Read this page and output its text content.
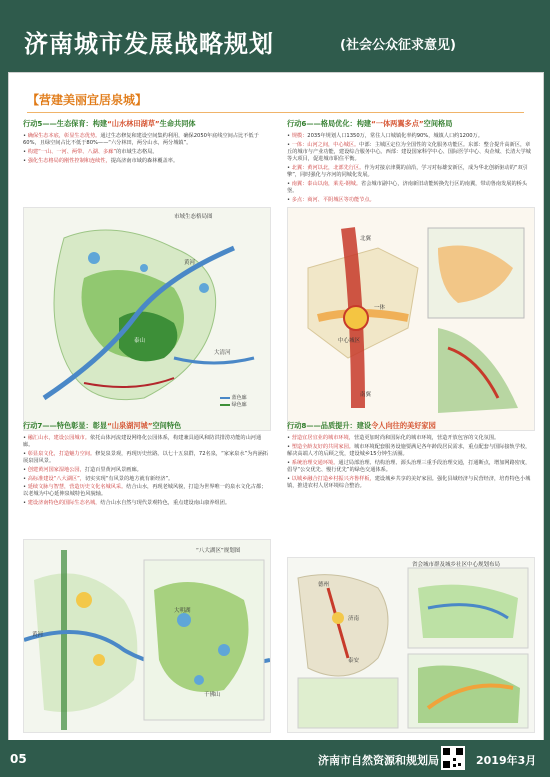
济南城市发展战略规划	(社会公众征求意见)
【营建美丽宜居泉城】
行动5——生态保育：构建“山水林田湖草”生命共同体
• 确保生态本底，彰显生态优势。通过生态修复和建设空间集约利用，确保2050年底线空间占比不低于60%，且绿空间占比不低于80%——“六分林田，两分山水，两分城镇”。
• 构建“一山、一河、两带、八湖、多廊”的市域生态格局。
• 强化生态格局的刚性控制和连续性，提高济南市域的森林覆盖率。
市域生态格局图
泰山
黄河
大清河
蓝色廊
绿色廊
行动6——格局优化：构建“一体两翼多点”空间格局
• 规模：2035年规划人口1350万，常住人口城镇化率约90%，城镇人口约1200万。
• 一体：山河之间，中心城区。中部：主城区定位为全国性的文化服务功能区。东部：整合提升高新区，章丘的城市与产业功能，建设综合服务中心。西部：建设国家科学中心、国际医学中心、央企城、长清大学城等大项目，促进城市职住平衡。
• 北翼：黄河以北，北部先行区。作为对接京津冀的前沿，学习对标雄安新区，成为华北创新驱动的“双引擎”，同时强化与齐河的同城化发展。
• 南翼：泰山以南，莱芜-钢城。省会城市副中心，济南新旧动能转换先行区的南翼，带动鲁南发展的桥头堡。
• 多点：商河、平阴城区等功能节点。
北翼
南翼
一体
中心城区
行动7——特色彰显：彰显“山泉湖河城”空间特色
• 融汇山水，建设公园城市。依托山体河流建设网络化公园体系，构建兼具通风和防洪排涝功能的山河通廊。
• 彰显泉文化，打造魅力空间。修复泉景观，再现历史丝路。以七十五泉群，72名泉，“家家泉水”为内涵拓展泉园风景。
• 创建黄河国家湿地公园，打造百里黄河风景画廊。
• 高标准建设“八大湖区”，切实实现“有风景的地方就有新经济”。
• 延续文脉与智慧，营造历史文化名城风采。结合山水，再现老城风貌，打造为世界唯一的泉水文化古都；以老城为中心延伸泉城特色风貌轴。
• 建设济南特色的国际生态名城，结合山水自然与现代景观特色，重点建设南山康养组团。
“八大湖区”规划图
黄河
大明湖
千佛山
行动8——品质提升：建设令人向往的美好家园
• 营造宜居宜业的城市环境，营造更加时尚和国际化的城市环境，营造开放包容的文化氛围。
• 塑造全龄友好的共同家园。城市环境配套服务设施要满足各年龄段居民需求，重点配套与国际接轨学校，解决高端人才的后顾之忧，建设城乡15分钟生活圈。
• 系统治理交通环境。通过局部治理、结构治理、源头治理三重手段治理交通，打通断点，增加网路密度，倡导“公交优先、慢行优先”的绿色交通体系。
• 以城乡融合打造乡村振兴齐鲁样板，建设城乡共享的美好家园。强化县域经济与民营经济，培育特色小城镇，推进农村人居环境综合整治。
省会城市群及城乡社区中心规划布局
济南
泰安
德州
05	济南市自然资源和规划局	2019年3月
